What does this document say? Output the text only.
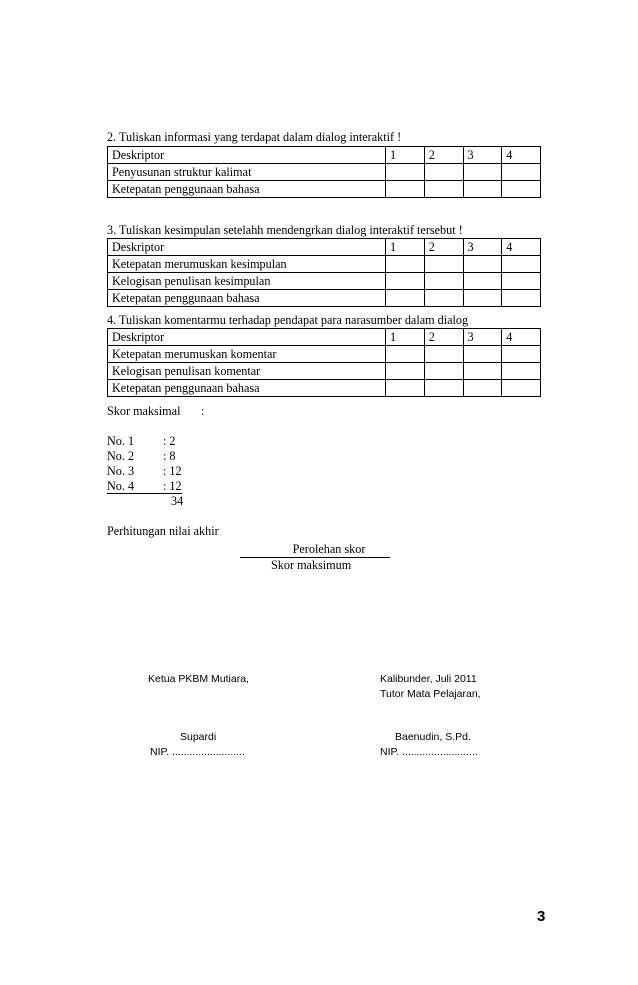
2. Tuliskan informasi yang terdapat dalam dialog interaktif !
Deskriptor	1	2	3	4
Penyusunan struktur kalimat				
Ketepatan penggunaan bahasa				
3. Tuliskan kesimpulan setelahh mendengrkan dialog interaktif tersebut !
Deskriptor	1	2	3	4
Ketepatan merumuskan kesimpulan				
Kelogisan penulisan kesimpulan				
Ketepatan penggunaan bahasa				
4. Tuliskan komentarmu terhadap pendapat para narasumber dalam dialog
Deskriptor	1	2	3	4
Ketepatan merumuskan komentar				
Kelogisan penulisan komentar				
Ketepatan penggunaan bahasa				
Skor maksimal :
No. 1 : 2
No. 2 : 8
No. 3 : 12
No. 4 : 12
34
Perhitungan nilai akhir
Perolehan skor
Skor maksimum
Ketua PKBM Mutiara,	Kalibunder, Juli 2011
Tutor Mata Pelajaran,
Supardi
NIP. .........................
Baenudin, S.Pd.
NIP. ..........................
3
